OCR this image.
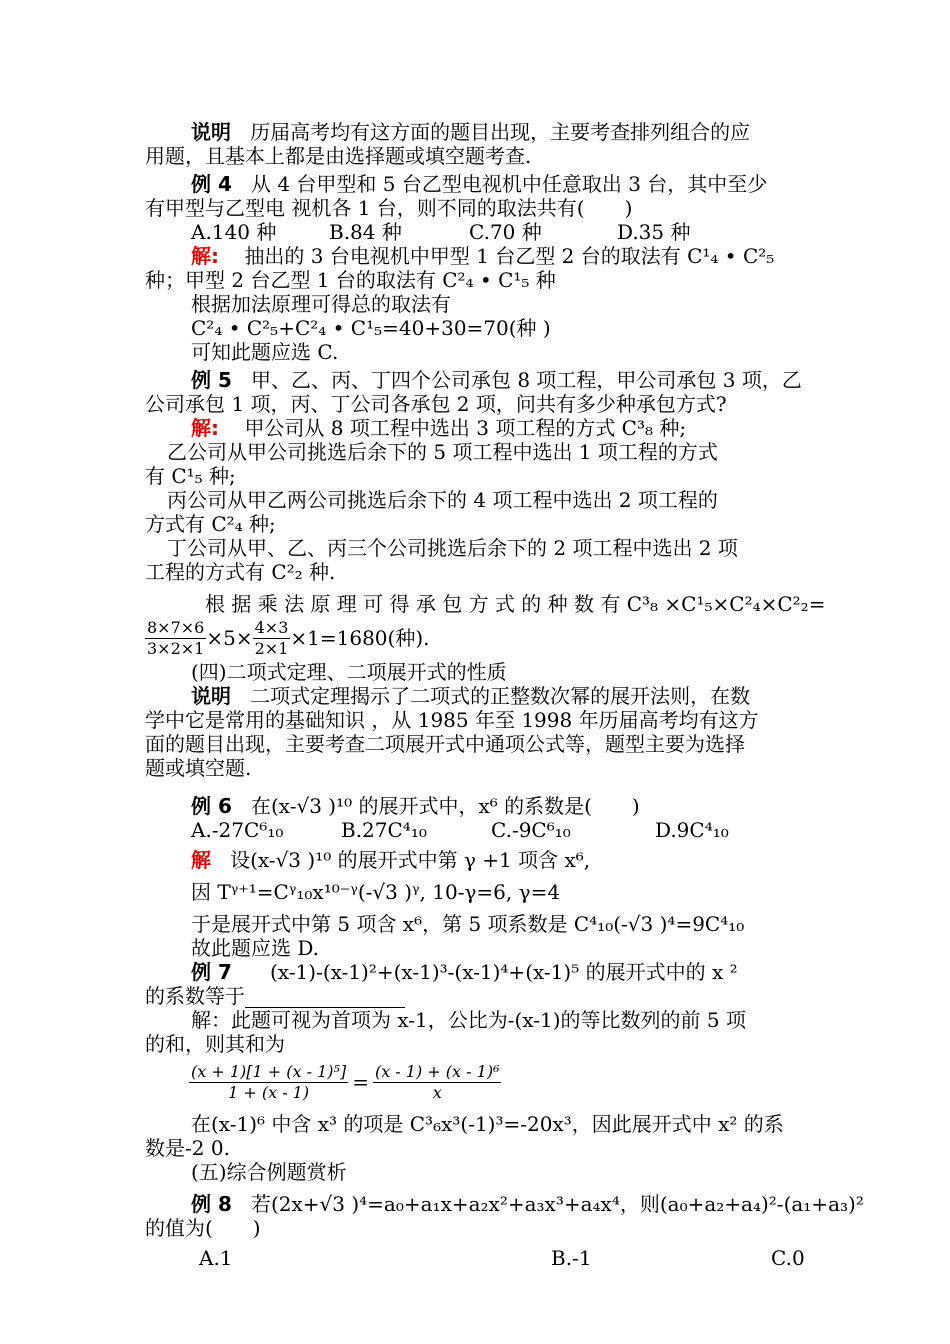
说明 历届高考均有这方面的题目出现，主要考查排列组合的应
用题，且基本上都是由选择题或填空题考查.
例 4 从 4 台甲型和 5 台乙型电视机中任意取出 3 台，其中至少
有甲型与乙型电 视机各 1 台，则不同的取法共有(　　)
A.140 种	B.84 种	C.70 种	D.35 种
解: 抽出的 3 台电视机中甲型 1 台乙型 2 台的取法有 C¹₄ • C²₅
种；甲型 2 台乙型 1 台的取法有 C²₄ • C¹₅ 种
根据加法原理可得总的取法有
C²₄ • C²₅+C²₄ • C¹₅=40+30=70(种 )
可知此题应选 C.
例 5 甲、乙、丙、丁四个公司承包 8 项工程，甲公司承包 3 项，乙
公司承包 1 项，丙、丁公司各承包 2 项，问共有多少种承包方式?
解: 甲公司从 8 项工程中选出 3 项工程的方式 C³₈ 种;
乙公司从甲公司挑选后余下的 5 项工程中选出 1 项工程的方式
有 C¹₅ 种;
丙公司从甲乙两公司挑选后余下的 4 项工程中选出 2 项工程的
方式有 C²₄ 种;
丁公司从甲、乙、丙三个公司挑选后余下的 2 项工程中选出 2 项
工程的方式有 C²₂ 种.
根 据 乘 法 原 理 可 得 承 包 方 式 的 种 数 有 C³₈ ×C¹₅×C²₄×C²₂=
$\frac{8\times 7\times 6}{3\times 2\times 1} \times 5\times \frac{4\times 3}{2\times 1} \times 1=1680$(种).
(四)二项式定理、二项展开式的性质
说明 二项式定理揭示了二项式的正整数次幂的展开法则，在数
学中它是常用的基础知识 ，从 1985 年至 1998 年历届高考均有这方
面的题目出现，主要考查二项展开式中通项公式等，题型主要为选择
题或填空题.
例 6 在(x-√3 )¹⁰ 的展开式中，x⁶ 的系数是(　　)
A.-27C⁶₁₀	B.27C⁴₁₀	C.-9C⁶₁₀	D.9C⁴₁₀
解 设(x-√3 )¹⁰ 的展开式中第 γ +1 项含 x⁶,
因 Tᵞ⁺¹=Cᵞ₁₀x¹⁰⁻ᵞ(-√3 )ᵞ, 10-γ=6, γ=4
于是展开式中第 5 项含 x⁶，第 5 项系数是 C⁴₁₀(-√3 )⁴=9C⁴₁₀
故此题应选 D.
例 7 (x-1)-(x-1)²+(x-1)³-(x-1)⁴+(x-1)⁵ 的展开式中的 x ²
的系数等于
解：此题可视为首项为 x-1，公比为-(x-1)的等比数列的前 5 项
的和，则其和为
$\frac{\text{(x + 1)[1 + (x - 1)⁵]}}{1 + (x - 1)} = \frac{\text{(x - 1) + (x - 1)⁶}}{x}$
在(x-1)⁶ 中含 x³ 的项是 C³₆x³(-1)³=-20x³，因此展开式中 x² 的系
数是-2 0.
(五)综合例题赏析
例 8 若(2x+√3 )⁴=a₀+a₁x+a₂x²+a₃x³+a₄x⁴，则(a₀+a₂+a₄)²-(a₁+a₃)²
的值为(　　)
A.1	B.-1	C.0
